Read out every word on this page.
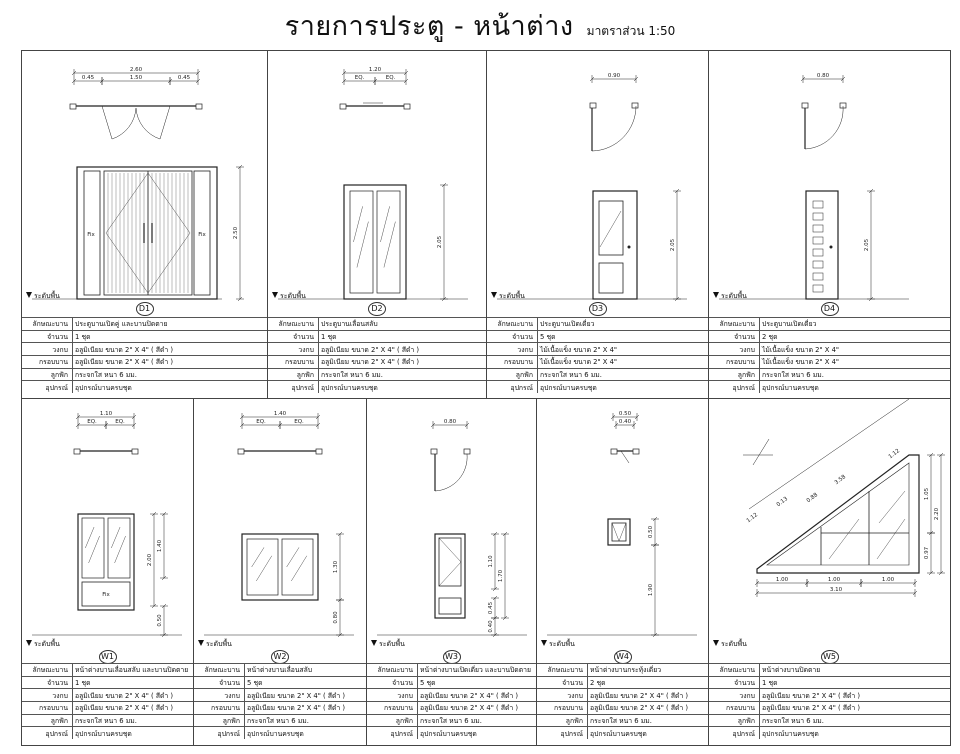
รายการประตู - หน้าต่าง มาตราส่วน 1:50
2.60
0.45	1.50	0.45
Fix	Fix	2.50
ระดับพื้น
D1
ลักษณะบาน	ประตูบานเปิดคู่ และบานปิดตาย
จำนวน	1 ชุด
วงกบ	อลูมิเนียม ขนาด 2" X 4" ( สีดำ )
กรอบบาน	อลูมิเนียม ขนาด 2" X 4" ( สีดำ )
ลูกฟัก	กระจกใส หนา 6 มม.
อุปกรณ์	อุปกรณ์บานครบชุด
1.20
EQ.	EQ.
2.05
ระดับพื้น
D2
ลักษณะบาน	ประตูบานเลื่อนสลับ
จำนวน	1 ชุด
วงกบ	อลูมิเนียม ขนาด 2" X 4" ( สีดำ )
กรอบบาน	อลูมิเนียม ขนาด 2" X 4" ( สีดำ )
ลูกฟัก	กระจกใส หนา 6 มม.
อุปกรณ์	อุปกรณ์บานครบชุด
0.90
2.05
ระดับพื้น
D3
ลักษณะบาน	ประตูบานเปิดเดี่ยว
จำนวน	5 ชุด
วงกบ	ไม้เนื้อแข็ง ขนาด 2" X 4"
กรอบบาน	ไม้เนื้อแข็ง ขนาด 2" X 4"
ลูกฟัก	กระจกใส หนา 6 มม.
อุปกรณ์	อุปกรณ์บานครบชุด
0.80
2.05
ระดับพื้น
D4
ลักษณะบาน	ประตูบานเปิดเดี่ยว
จำนวน	2 ชุด
วงกบ	ไม้เนื้อแข็ง ขนาด 2" X 4"
กรอบบาน	ไม้เนื้อแข็ง ขนาด 2" X 4"
ลูกฟัก	กระจกใส หนา 6 มม.
อุปกรณ์	อุปกรณ์บานครบชุด
1.10
EQ.	EQ.
Fix
2.00
1.40
0.50
ระดับพื้น
W1
ลักษณะบาน	หน้าต่างบานเลื่อนสลับ และบานปิดตาย
จำนวน	1 ชุด
วงกบ	อลูมิเนียม ขนาด 2" X 4" ( สีดำ )
กรอบบาน	อลูมิเนียม ขนาด 2" X 4" ( สีดำ )
ลูกฟัก	กระจกใส หนา 6 มม.
อุปกรณ์	อุปกรณ์บานครบชุด
1.40
EQ.	EQ.
1.30
0.80
ระดับพื้น
W2
ลักษณะบาน	หน้าต่างบานเลื่อนสลับ
จำนวน	5 ชุด
วงกบ	อลูมิเนียม ขนาด 2" X 4" ( สีดำ )
กรอบบาน	อลูมิเนียม ขนาด 2" X 4" ( สีดำ )
ลูกฟัก	กระจกใส หนา 6 มม.
อุปกรณ์	อุปกรณ์บานครบชุด
0.80
1.10
1.70
0.45
0.40
ระดับพื้น
W3
ลักษณะบาน	หน้าต่างบานเปิดเดี่ยว และบานปิดตาย
จำนวน	5 ชุด
วงกบ	อลูมิเนียม ขนาด 2" X 4" ( สีดำ )
กรอบบาน	อลูมิเนียม ขนาด 2" X 4" ( สีดำ )
ลูกฟัก	กระจกใส หนา 6 มม.
อุปกรณ์	อุปกรณ์บานครบชุด
0.50
0.40
0.50
1.90
ระดับพื้น
W4
ลักษณะบาน	หน้าต่างบานกระทุ้งเดี่ยว
จำนวน	2 ชุด
วงกบ	อลูมิเนียม ขนาด 2" X 4" ( สีดำ )
กรอบบาน	อลูมิเนียม ขนาด 2" X 4" ( สีดำ )
ลูกฟัก	กระจกใส หนา 6 มม.
อุปกรณ์	อุปกรณ์บานครบชุด
3.58
0.88
1.12
1.12
0.13
1.00	1.00	1.00
3.10
1.05
2.20
0.97
ระดับพื้น
W5
ลักษณะบาน	หน้าต่างบานปิดตาย
จำนวน	1 ชุด
วงกบ	อลูมิเนียม ขนาด 2" X 4" ( สีดำ )
กรอบบาน	อลูมิเนียม ขนาด 2" X 4" ( สีดำ )
ลูกฟัก	กระจกใส หนา 6 มม.
อุปกรณ์	อุปกรณ์บานครบชุด
